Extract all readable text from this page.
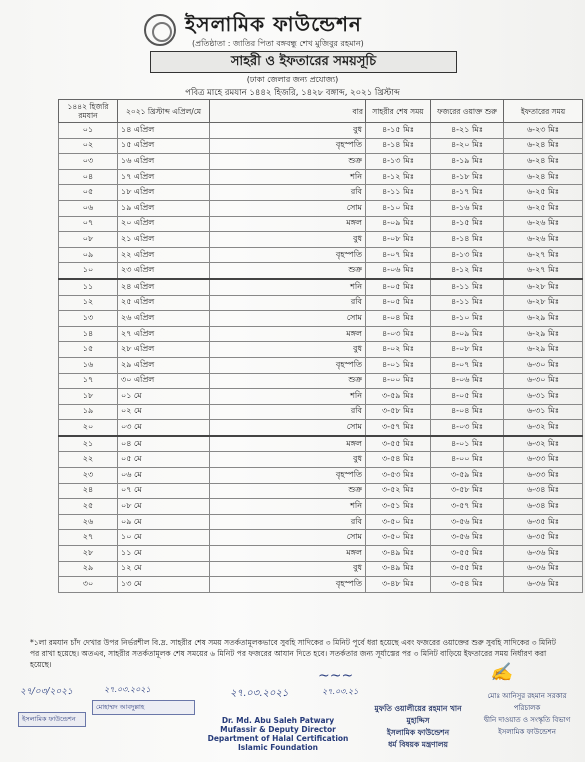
ইসলামিক ফাউন্ডেশন
(প্রতিষ্ঠাতা : জাতির পিতা বঙ্গবন্ধু শেখ মুজিবুর রহমান)
সাহরী ও ইফতারের সময়সূচি
(ঢাকা জেলার জন্য প্রযোজ্য)
পবিত্র মাহে রমযান ১৪৪২ হিজরি, ১৪২৮ বঙ্গাব্দ, ২০২১ খ্রিস্টাব্দ
১৪৪২ হিজরি রমযান	২০২১ খ্রিস্টাব্দ এপ্রিল/মে	বার	সাহরীর শেষ সময়	ফজরের ওয়াক্ত শুরু	ইফতারের সময়
০১	১৪ এপ্রিল	বুধ	৪-১৫ মিঃ	৪-২১ মিঃ	৬-২৩ মিঃ
০২	১৫ এপ্রিল	বৃহস্পতি	৪-১৪ মিঃ	৪-২০ মিঃ	৬-২৪ মিঃ
০৩	১৬ এপ্রিল	শুক্র	৪-১৩ মিঃ	৪-১৯ মিঃ	৬-২৪ মিঃ
০৪	১৭ এপ্রিল	শনি	৪-১২ মিঃ	৪-১৮ মিঃ	৬-২৪ মিঃ
০৫	১৮ এপ্রিল	রবি	৪-১১ মিঃ	৪-১৭ মিঃ	৬-২৫ মিঃ
০৬	১৯ এপ্রিল	সোম	৪-১০ মিঃ	৪-১৬ মিঃ	৬-২৫ মিঃ
০৭	২০ এপ্রিল	মঙ্গল	৪-০৯ মিঃ	৪-১৫ মিঃ	৬-২৬ মিঃ
০৮	২১ এপ্রিল	বুধ	৪-০৮ মিঃ	৪-১৪ মিঃ	৬-২৬ মিঃ
০৯	২২ এপ্রিল	বৃহস্পতি	৪-০৭ মিঃ	৪-১৩ মিঃ	৬-২৭ মিঃ
১০	২৩ এপ্রিল	শুক্র	৪-০৬ মিঃ	৪-১২ মিঃ	৬-২৭ মিঃ
১১	২৪ এপ্রিল	শনি	৪-০৫ মিঃ	৪-১১ মিঃ	৬-২৮ মিঃ
১২	২৫ এপ্রিল	রবি	৪-০৫ মিঃ	৪-১১ মিঃ	৬-২৮ মিঃ
১৩	২৬ এপ্রিল	সোম	৪-০৪ মিঃ	৪-১০ মিঃ	৬-২৯ মিঃ
১৪	২৭ এপ্রিল	মঙ্গল	৪-০৩ মিঃ	৪-০৯ মিঃ	৬-২৯ মিঃ
১৫	২৮ এপ্রিল	বুধ	৪-০২ মিঃ	৪-০৮ মিঃ	৬-২৯ মিঃ
১৬	২৯ এপ্রিল	বৃহস্পতি	৪-০১ মিঃ	৪-০৭ মিঃ	৬-৩০ মিঃ
১৭	৩০ এপ্রিল	শুক্র	৪-০০ মিঃ	৪-০৬ মিঃ	৬-৩০ মিঃ
১৮	০১ মে	শনি	৩-৫৯ মিঃ	৪-০৫ মিঃ	৬-৩১ মিঃ
১৯	০২ মে	রবি	৩-৫৮ মিঃ	৪-০৪ মিঃ	৬-৩১ মিঃ
২০	০৩ মে	সোম	৩-৫৭ মিঃ	৪-০৩ মিঃ	৬-৩২ মিঃ
২১	০৪ মে	মঙ্গল	৩-৫৫ মিঃ	৪-০১ মিঃ	৬-৩২ মিঃ
২২	০৫ মে	বুধ	৩-৫৪ মিঃ	৪-০০ মিঃ	৬-৩৩ মিঃ
২৩	০৬ মে	বৃহস্পতি	৩-৫৩ মিঃ	৩-৫৯ মিঃ	৬-৩৩ মিঃ
২৪	০৭ মে	শুক্র	৩-৫২ মিঃ	৩-৫৮ মিঃ	৬-৩৪ মিঃ
২৫	০৮ মে	শনি	৩-৫১ মিঃ	৩-৫৭ মিঃ	৬-৩৪ মিঃ
২৬	০৯ মে	রবি	৩-৫০ মিঃ	৩-৫৬ মিঃ	৬-৩৫ মিঃ
২৭	১০ মে	সোম	৩-৫০ মিঃ	৩-৫৬ মিঃ	৬-৩৫ মিঃ
২৮	১১ মে	মঙ্গল	৩-৪৯ মিঃ	৩-৫৫ মিঃ	৬-৩৬ মিঃ
২৯	১২ মে	বুধ	৩-৪৯ মিঃ	৩-৫৫ মিঃ	৬-৩৬ মিঃ
৩০	১৩ মে	বৃহস্পতি	৩-৪৮ মিঃ	৩-৫৪ মিঃ	৬-৩৬ মিঃ
*১লা রমযান চাঁদ দেখার উপর নির্ভরশীল বি.দ্র. সাহরীর শেষ সময় সতর্কতামূলকভাবে সুবহি সাদিকের ৩ মিনিট পূর্বে ধরা হয়েছে এবং ফজরের ওয়াক্তের শুরু সুবহি সাদিকের ৩ মিনিট পর রাখা হয়েছে। অতএব, সাহরীর সতর্কতামূলক শেষ সময়ের ৬ মিনিট পর ফজরের আযান দিতে হবে। সতর্কতার জন্য সূর্যাস্তের পর ৩ মিনিট বাড়িয়ে ইফতারের সময় নির্ধারণ করা হয়েছে।
২৭/০৩/২০২১
ইসলামিক ফাউন্ডেশন
মোহাম্মদ আবদুল্লাহ
২৭.০৩.২০২১	২৭.০৩.২০২১
Dr. Md. Abu Saleh Patwary
Mufassir & Deputy Director
Department of Halal Certification
Islamic Foundation
~~~
২৭.০৩.২১
মুফতি ওয়ালীয়ের রহমান খান
মুহাদ্দিস
ইসলামিক ফাউন্ডেশন
ধর্ম বিষয়ক মন্ত্রণালয়
✍
মোঃ আনিসুর রহমান সরকার
পরিচালক
দ্বীনি দাওয়াত ও সংস্কৃতি বিভাগ
ইসলামিক ফাউন্ডেশন
